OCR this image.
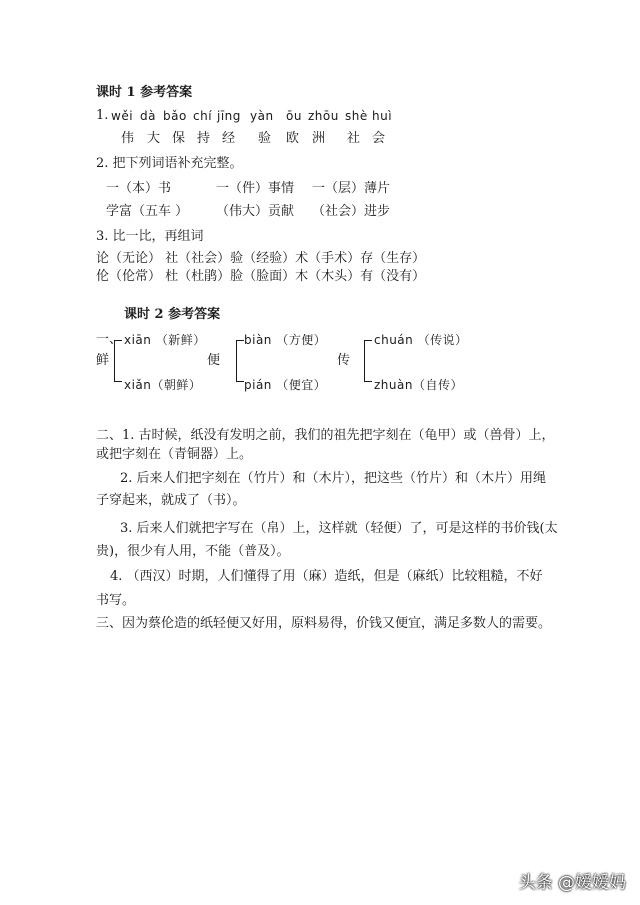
课时 1 参考答案
1. wěi dà bǎo chí jīng yàn ōu zhōu shè huì
伟 大 保 持 经 验 欧 洲 社 会
2. 把下列词语补充完整。
一（本）书	一（件）事情 一（层）薄片
学富（五车 ） （伟大）贡献 （社会）进步
3. 比一比，再组词
论（无论） 社（社会）验（经验）术（手术）存（生存）
伦（伦常） 杜（杜鹃）脸（脸面）木（木头）有（没有）
课时 2 参考答案
一、
鲜
xiān （新鲜）
xiǎn（朝鲜）
便
biàn （方便）
pián （便宜）
传
chuán （传说）
zhuàn（自传）
二、1. 古时候，纸没有发明之前，我们的祖先把字刻在（龟甲）或（兽骨）上，
或把字刻在（青铜器）上。
2. 后来人们把字刻在（竹片）和（木片），把这些（竹片）和（木片）用绳
子穿起来，就成了（书）。
3. 后来人们就把字写在（帛）上，这样就（轻便）了，可是这样的书价钱(太
贵)，很少有人用，不能（普及）。
4. （西汉）时期，人们懂得了用（麻）造纸，但是（麻纸）比较粗糙，不好
书写。
三、因为蔡伦造的纸轻便又好用，原料易得，价钱又便宜，满足多数人的需要。
头条 @嫒嫒妈
